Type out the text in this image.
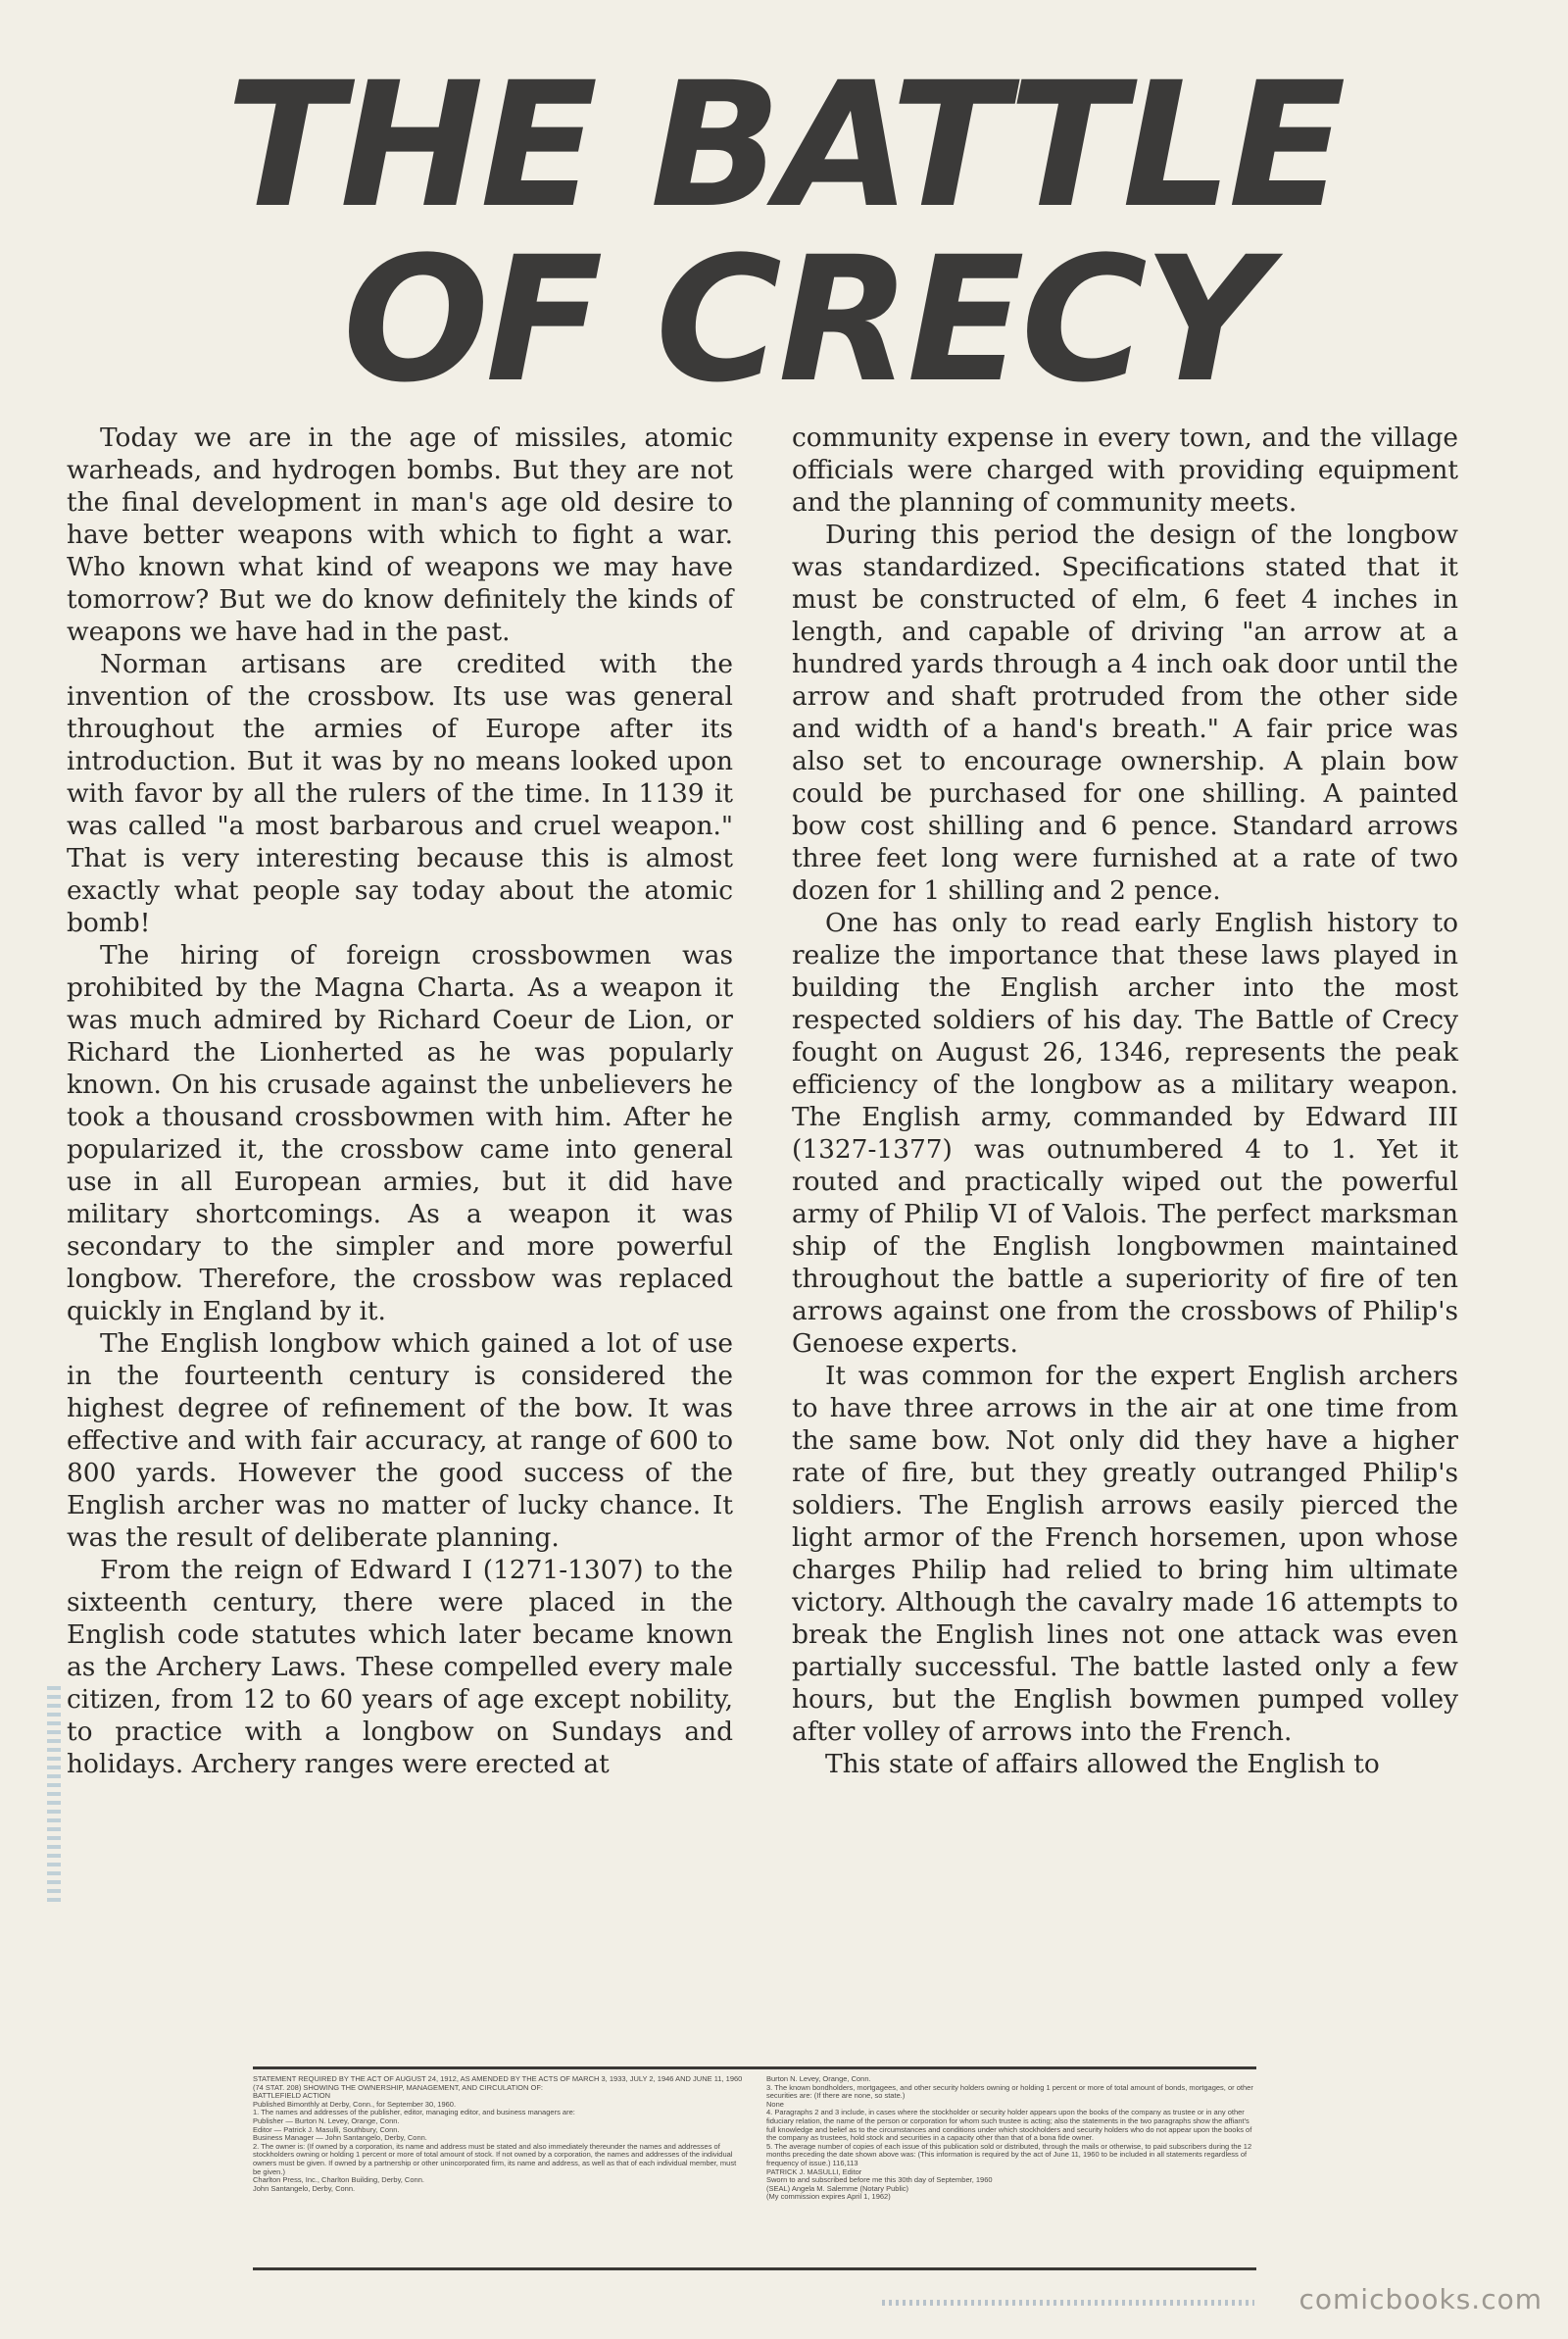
THE BATTLE
OF CRECY

Today we are in the age of missiles, atomic warheads, and hydrogen bombs. But they are not the final development in man's age old desire to have better weapons with which to fight a war. Who known what kind of weapons we may have tomorrow? But we do know definitely the kinds of weapons we have had in the past.

Norman artisans are credited with the invention of the crossbow. Its use was general throughout the armies of Europe after its introduction. But it was by no means looked upon with favor by all the rulers of the time. In 1139 it was called "a most barbarous and cruel weapon." That is very interesting because this is almost exactly what people say today about the atomic bomb!

The hiring of foreign crossbowmen was prohibited by the Magna Charta. As a weapon it was much admired by Richard Coeur de Lion, or Richard the Lionherted as he was popularly known. On his crusade against the unbelievers he took a thousand crossbowmen with him. After he popularized it, the crossbow came into general use in all European armies, but it did have military shortcomings. As a weapon it was secondary to the simpler and more powerful longbow. Therefore, the crossbow was replaced quickly in England by it.

The English longbow which gained a lot of use in the fourteenth century is considered the highest degree of refinement of the bow. It was effective and with fair accuracy, at range of 600 to 800 yards. However the good success of the English archer was no matter of lucky chance. It was the result of deliberate planning.

From the reign of Edward I (1271-1307) to the sixteenth century, there were placed in the English code statutes which later became known as the Archery Laws. These compelled every male citizen, from 12 to 60 years of age except nobility, to practice with a longbow on Sundays and holidays. Archery ranges were erected at

community expense in every town, and the village officials were charged with providing equipment and the planning of community meets.

During this period the design of the longbow was standardized. Specifications stated that it must be constructed of elm, 6 feet 4 inches in length, and capable of driving "an arrow at a hundred yards through a 4 inch oak door until the arrow and shaft protruded from the other side and width of a hand's breath." A fair price was also set to encourage ownership. A plain bow could be purchased for one shilling. A painted bow cost shilling and 6 pence. Standard arrows three feet long were furnished at a rate of two dozen for 1 shilling and 2 pence.

One has only to read early English history to realize the importance that these laws played in building the English archer into the most respected soldiers of his day. The Battle of Crecy fought on August 26, 1346, represents the peak efficiency of the longbow as a military weapon. The English army, commanded by Edward III (1327-1377) was outnumbered 4 to 1. Yet it routed and practically wiped out the powerful army of Philip VI of Valois. The perfect marksman ship of the English longbowmen maintained throughout the battle a superiority of fire of ten arrows against one from the crossbows of Philip's Genoese experts.

It was common for the expert English archers to have three arrows in the air at one time from the same bow. Not only did they have a higher rate of fire, but they greatly outranged Philip's soldiers. The English arrows easily pierced the light armor of the French horsemen, upon whose charges Philip had relied to bring him ultimate victory. Although the cavalry made 16 attempts to break the English lines not one attack was even partially successful. The battle lasted only a few hours, but the English bowmen pumped volley after volley of arrows into the French.

This state of affairs allowed the English to

STATEMENT REQUIRED BY THE ACT OF AUGUST 24, 1912, AS AMENDED BY THE ACTS OF MARCH 3, 1933, JULY 2, 1946 AND JUNE 11, 1960 (74 STAT. 208) SHOWING THE OWNERSHIP, MANAGEMENT, AND CIRCULATION OF:
BATTLEFIELD ACTION
Published Bimonthly at Derby, Conn., for September 30, 1960.
1. The names and addresses of the publisher, editor, managing editor, and business managers are:
Publisher — Burton N. Levey, Orange, Conn.
Editor — Patrick J. Masulli, Southbury, Conn.
Business Manager — John Santangelo, Derby, Conn.
2. The owner is: (If owned by a corporation, its name and address must be stated and also immediately thereunder the names and addresses of stockholders owning or holding 1 percent or more of total amount of stock. If not owned by a corporation, the names and addresses of the individual owners must be given. If owned by a partnership or other unincorporated firm, its name and address, as well as that of each individual member, must be given.)
Charlton Press, Inc., Charlton Building, Derby, Conn.
John Santangelo, Derby, Conn.
Burton N. Levey, Orange, Conn.
3. The known bondholders, mortgagees, and other security holders owning or holding 1 percent or more of total amount of bonds, mortgages, or other securities are: (If there are none, so state.)
None
4. Paragraphs 2 and 3 include, in cases where the stockholder or security holder appears upon the books of the company as trustee or in any other fiduciary relation, the name of the person or corporation for whom such trustee is acting; also the statements in the two paragraphs show the affiant's full knowledge and belief as to the circumstances and conditions under which stockholders and security holders who do not appear upon the books of the company as trustees, hold stock and securities in a capacity other than that of a bona fide owner.
5. The average number of copies of each issue of this publication sold or distributed, through the mails or otherwise, to paid subscribers during the 12 months preceding the date shown above was: (This information is required by the act of June 11, 1960 to be included in all statements regardless of frequency of issue.) 116,113
PATRICK J. MASULLI, Editor
Sworn to and subscribed before me this 30th day of September, 1960
(SEAL) Angela M. Salemme (Notary Public)
(My commission expires April 1, 1962)
comicbooks.com
